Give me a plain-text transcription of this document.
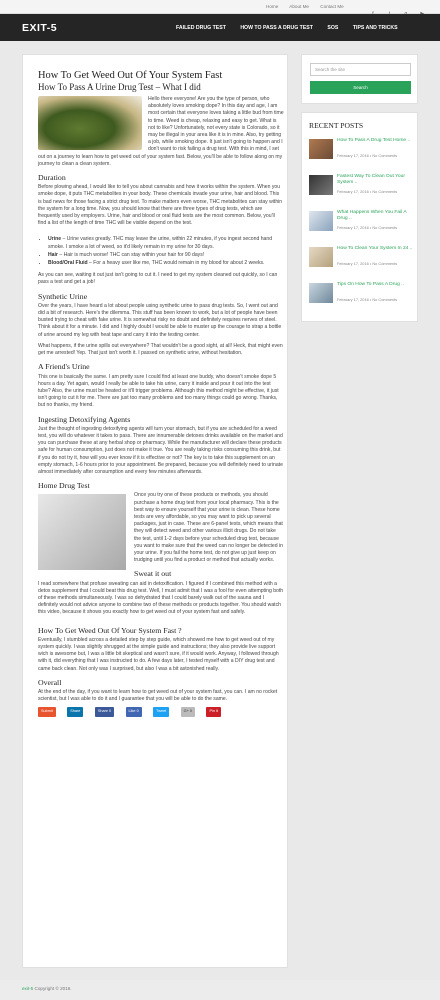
Home About Me Contact Me

EXIT-5	FAILED DRUG TEST	HOW TO PASS A DRUG TEST	SOS	TIPS AND TRICKS
How To Get Weed Out Of Your System Fast
How To Pass A Urine Drug Test – What I did

Hello there everyone! Are you the type of person, who absolutely loves smoking dope? In this day and age, I am most certain that everyone loves taking a little bud from time to time. Weed is cheap, relaxing and easy to get. What is not to like? Unfortunately, not every state is Colorado, so it may be illegal in your area like it is in mine. Also, try getting a job, while smoking dope. It just isn't going to happen and I don't want to risk failing a drug test. With this in mind, I set out on a journey to learn how to get weed out of your system fast. Below, you'll be able to follow along on my journey to clean a clean system.

Duration

Before plowing ahead, I would like to tell you about cannabis and how it works within the system. When you smoke dope, it puts THC metabolites in your body. These chemicals invade your urine, hair and blood. This is bad news for those facing a strict drug test. To make matters even worse, THC metabolites can stay within the system for a long time. Now, you should know that there are three types of drug tests, which are frequently used by employers. Urine, hair and blood or oral fluid tests are the most common. Below, you'll find a list of the length of time THC will be visible depend on the test.

• Urine – Urine varies greatly. THC may leave the urine, within 22 minutes, if you ingest second hand smoke. I smoke a lot of weed, so it'd likely remain in my urine for 30 days.
• Hair – Hair is much worse! THC can stay within your hair for 90 days!
• Blood/Oral Fluid – For a heavy user like me, THC would remain in my blood for about 2 weeks.

As you can see, waiting it out just isn't going to cut it. I need to get my system cleaned out quickly, so I can pass a test and get a job!

Synthetic Urine

Over the years, I have heard a lot about people using synthetic urine to pass drug tests. So, I went out and did a bit of research. Here's the dilemma. This stuff has been known to work, but a lot of people have been busted trying to cheat with fake urine. It is somewhat risky no doubt and definitely requires nerves of steel. Think about it for a minute. I did and I highly doubt I would be able to muster up the courage to strap a bottle of urine around my leg with heat tape and carry it into the testing center.

What happens, if the urine spills out everywhere? That wouldn't be a good sight, at all! Heck, that might even get me arrested! Yep. That just isn't worth it. I passed on synthetic urine, without hesitation.

A Friend's Urine

This one is basically the same. I am pretty sure I could find at least one buddy, who doesn't smoke dope 5 hours a day. Yet again, would I really be able to take his urine, carry it inside and pour it out into the test tube? Also, the urine must be heated or it'll trigger problems. Although this method might be effective, it just isn't going to cut it for me. There are just too many problems and too many things could go wrong. Thanks, but no thanks, my friend.

Ingesting Detoxifying Agents

Just the thought of ingesting detoxifying agents will turn your stomach, but if you are scheduled for a weed test, you will do whatever it takes to pass. There are innumerable detoxes drinks available on the market and you can purchase these at any herbal shop or pharmacy. While the manufacturer will declare these products safe for human consumption, just does not make it true. You are really taking risks consuming this drink, but if you do not try it, how will you ever know if it is effective or not? The key is to take this supplement on an empty stomach, 1-6 hours prior to your appointment. Be prepared, because you will definitely need to urinate almost immediately after consumption and every few minutes afterwards.

Home Drug Test

Once you try one of these products or methods, you should purchase a home drug test from your local pharmacy. This is the best way to ensure yourself that your urine is clean. These home tests are very affordable, so you may want to pick up several packages, just in case. These are 6-panel tests, which means that they will detect weed and other various illicit drugs. Do not take the test, until 1-2 days before your scheduled drug test, because you want to make sure that the weed can no longer be detected in your urine. If you fail the home test, do not give up just keep on trudging until you find a product or method that actually works.

Sweat it out

I read somewhere that profuse sweating can aid in detoxification. I figured if I combined this method with a detox supplement that I could beat this drug test. Well, I must admit that I was a fool for even attempting both of these methods simultaneously. I was so dehydrated that I could barely walk out of the sauna and I definitely would not advice anyone to combine two of these methods or products together. You should watch this video, because it shows you exactly how to get weed out of your system fast and safely.

How To Get Weed Out Of Your System Fast ?

Eventually, I stumbled across a detailed step by step guide, which showed me how to get weed out of my system quickly. I was slightly shrugged at the simple guide and instructions; they also provide live support wich is awesome but, I was a little bit skeptical and wasn't sure, if it would work. Anyway, I followed through with it, did everything that I was instructed to do. A few days later, I tested myself with a DIY drug test and came back clean. Not only was I surprised, but also I was a bit astonished really.

Overall

At the end of the day, if you want to learn how to get weed out of your system fast, you can. I am no rocket scientist, but I was able to do it and I guarantee that you will be able to do the same.

Submit	Share	Share 0	Like 0	Tweet	G+ 0	Pin It
Search the site
Search
RECENT POSTS
How To Pass A Drug Test Home ..
February 17, 2016 • No Comments
Fastest Way To Clean Out Your System ..
February 17, 2016 • No Comments
What Happens When You Fail A Drug ..
February 17, 2016 • No Comments
How To Clean Your System In 24 ..
February 17, 2016 • No Comments
Tips On How To Pass A Drug ..
February 17, 2016 • No Comments
exit-5 Copyright © 2016.
